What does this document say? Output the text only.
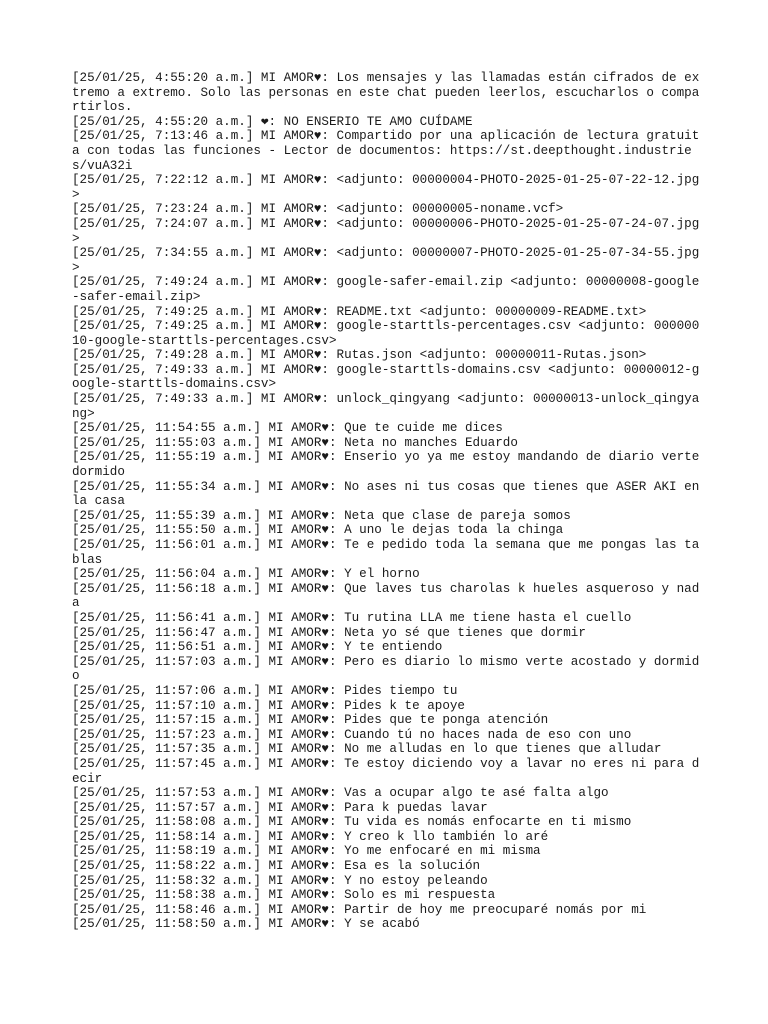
[25/01/25, 4:55:20 a.m.] MI AMOR♥: Los mensajes y las llamadas están cifrados de extremo a extremo. Solo las personas en este chat pueden leerlos, escucharlos o compartirlos.
[25/01/25, 4:55:20 a.m.] ❤: NO ENSERIO TE AMO CUÍDAME
[25/01/25, 7:13:46 a.m.] MI AMOR♥: Compartido por una aplicación de lectura gratuita con todas las funciones - Lector de documentos: https://st.deepthought.industries/vuA32i
[25/01/25, 7:22:12 a.m.] MI AMOR♥: <adjunto: 00000004-PHOTO-2025-01-25-07-22-12.jpg>
[25/01/25, 7:23:24 a.m.] MI AMOR♥: <adjunto: 00000005-noname.vcf>
[25/01/25, 7:24:07 a.m.] MI AMOR♥: <adjunto: 00000006-PHOTO-2025-01-25-07-24-07.jpg>
[25/01/25, 7:34:55 a.m.] MI AMOR♥: <adjunto: 00000007-PHOTO-2025-01-25-07-34-55.jpg>
[25/01/25, 7:49:24 a.m.] MI AMOR♥: google-safer-email.zip <adjunto: 00000008-google-safer-email.zip>
[25/01/25, 7:49:25 a.m.] MI AMOR♥: README.txt <adjunto: 00000009-README.txt>
[25/01/25, 7:49:25 a.m.] MI AMOR♥: google-starttls-percentages.csv <adjunto: 00000010-google-starttls-percentages.csv>
[25/01/25, 7:49:28 a.m.] MI AMOR♥: Rutas.json <adjunto: 00000011-Rutas.json>
[25/01/25, 7:49:33 a.m.] MI AMOR♥: google-starttls-domains.csv <adjunto: 00000012-google-starttls-domains.csv>
[25/01/25, 7:49:33 a.m.] MI AMOR♥: unlock_qingyang <adjunto: 00000013-unlock_qingyang>
[25/01/25, 11:54:55 a.m.] MI AMOR♥: Que te cuide me dices
[25/01/25, 11:55:03 a.m.] MI AMOR♥: Neta no manches Eduardo
[25/01/25, 11:55:19 a.m.] MI AMOR♥: Enserio yo ya me estoy mandando de diario verte dormido
[25/01/25, 11:55:34 a.m.] MI AMOR♥: No ases ni tus cosas que tienes que ASER AKI en la casa
[25/01/25, 11:55:39 a.m.] MI AMOR♥: Neta que clase de pareja somos
[25/01/25, 11:55:50 a.m.] MI AMOR♥: A uno le dejas toda la chinga
[25/01/25, 11:56:01 a.m.] MI AMOR♥: Te e pedido toda la semana que me pongas las tablas
[25/01/25, 11:56:04 a.m.] MI AMOR♥: Y el horno
[25/01/25, 11:56:18 a.m.] MI AMOR♥: Que laves tus charolas k hueles asqueroso y nada
[25/01/25, 11:56:41 a.m.] MI AMOR♥: Tu rutina LLA me tiene hasta el cuello
[25/01/25, 11:56:47 a.m.] MI AMOR♥: Neta yo sé que tienes que dormir
[25/01/25, 11:56:51 a.m.] MI AMOR♥: Y te entiendo
[25/01/25, 11:57:03 a.m.] MI AMOR♥: Pero es diario lo mismo verte acostado y dormido
[25/01/25, 11:57:06 a.m.] MI AMOR♥: Pides tiempo tu
[25/01/25, 11:57:10 a.m.] MI AMOR♥: Pides k te apoye
[25/01/25, 11:57:15 a.m.] MI AMOR♥: Pides que te ponga atención
[25/01/25, 11:57:23 a.m.] MI AMOR♥: Cuando tú no haces nada de eso con uno
[25/01/25, 11:57:35 a.m.] MI AMOR♥: No me alludas en lo que tienes que alludar
[25/01/25, 11:57:45 a.m.] MI AMOR♥: Te estoy diciendo voy a lavar no eres ni para decir
[25/01/25, 11:57:53 a.m.] MI AMOR♥: Vas a ocupar algo te asé falta algo
[25/01/25, 11:57:57 a.m.] MI AMOR♥: Para k puedas lavar
[25/01/25, 11:58:08 a.m.] MI AMOR♥: Tu vida es nomás enfocarte en ti mismo
[25/01/25, 11:58:14 a.m.] MI AMOR♥: Y creo k llo también lo aré
[25/01/25, 11:58:19 a.m.] MI AMOR♥: Yo me enfocaré en mi misma
[25/01/25, 11:58:22 a.m.] MI AMOR♥: Esa es la solución
[25/01/25, 11:58:32 a.m.] MI AMOR♥: Y no estoy peleando
[25/01/25, 11:58:38 a.m.] MI AMOR♥: Solo es mi respuesta
[25/01/25, 11:58:46 a.m.] MI AMOR♥: Partir de hoy me preocuparé nomás por mi
[25/01/25, 11:58:50 a.m.] MI AMOR♥: Y se acabó
